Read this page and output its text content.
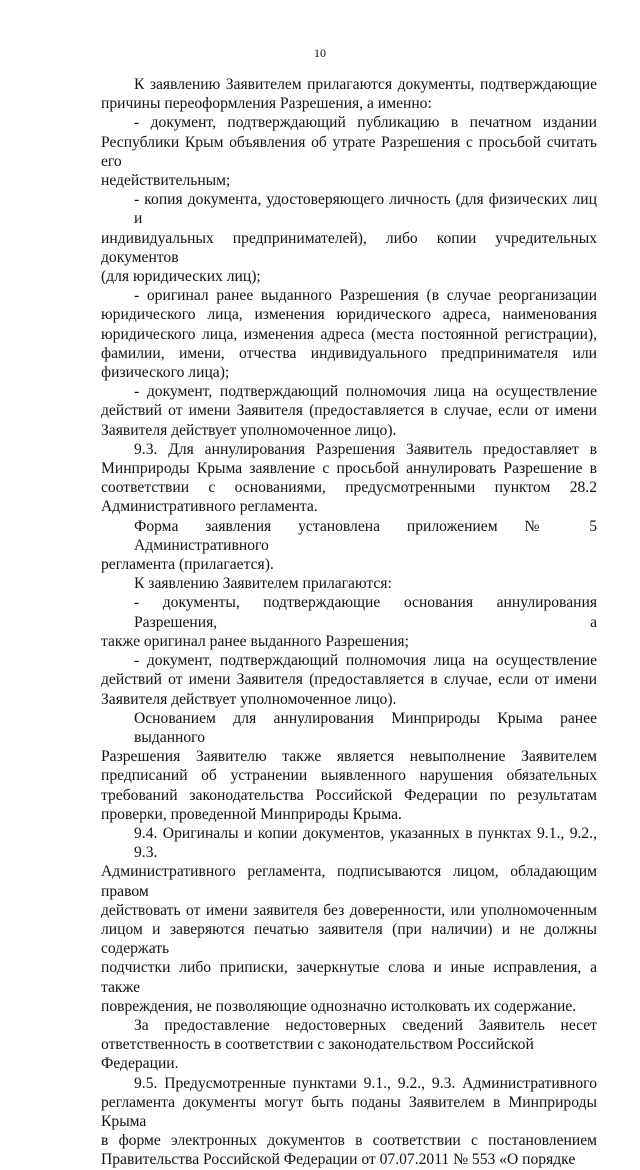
10
К заявлению Заявителем прилагаются документы, подтверждающие
причины переоформления Разрешения, а именно:
- документ, подтверждающий публикацию в печатном издании
Республики Крым объявления об утрате Разрешения с просьбой считать его
недействительным;
- копия документа, удостоверяющего личность (для физических лиц и
индивидуальных предпринимателей), либо копии учредительных документов
(для юридических лиц);
- оригинал ранее выданного Разрешения (в случае реорганизации
юридического лица, изменения юридического адреса, наименования
юридического лица, изменения адреса (места постоянной регистрации),
фамилии, имени, отчества индивидуального предпринимателя или
физического лица);
- документ, подтверждающий полномочия лица на осуществление
действий от имени Заявителя (предоставляется в случае, если от имени
Заявителя действует уполномоченное лицо).
9.3. Для аннулирования Разрешения Заявитель предоставляет в
Минприроды Крыма заявление с просьбой аннулировать Разрешение в
соответствии с основаниями, предусмотренными пунктом 28.2
Административного регламента.
Форма заявления установлена приложением № 5 Административного
регламента (прилагается).
К заявлению Заявителем прилагаются:
- документы, подтверждающие основания аннулирования Разрешения, а
также оригинал ранее выданного Разрешения;
- документ, подтверждающий полномочия лица на осуществление
действий от имени Заявителя (предоставляется в случае, если от имени
Заявителя действует уполномоченное лицо).
Основанием для аннулирования Минприроды Крыма ранее выданного
Разрешения Заявителю также является невыполнение Заявителем
предписаний об устранении выявленного нарушения обязательных
требований законодательства Российской Федерации по результатам
проверки, проведенной Минприроды Крыма.
9.4. Оригиналы и копии документов, указанных в пунктах 9.1., 9.2., 9.3.
Административного регламента, подписываются лицом, обладающим правом
действовать от имени заявителя без доверенности, или уполномоченным
лицом и заверяются печатью заявителя (при наличии) и не должны содержать
подчистки либо приписки, зачеркнутые слова и иные исправления, а также
повреждения, не позволяющие однозначно истолковать их содержание.
За предоставление недостоверных сведений Заявитель несет
ответственность в соответствии с законодательством Российской Федерации.
9.5. Предусмотренные пунктами 9.1., 9.2., 9.3. Административного
регламента документы могут быть поданы Заявителем в Минприроды Крыма
в форме электронных документов в соответствии с постановлением
Правительства Российской Федерации от 07.07.2011 № 553 «О порядке
